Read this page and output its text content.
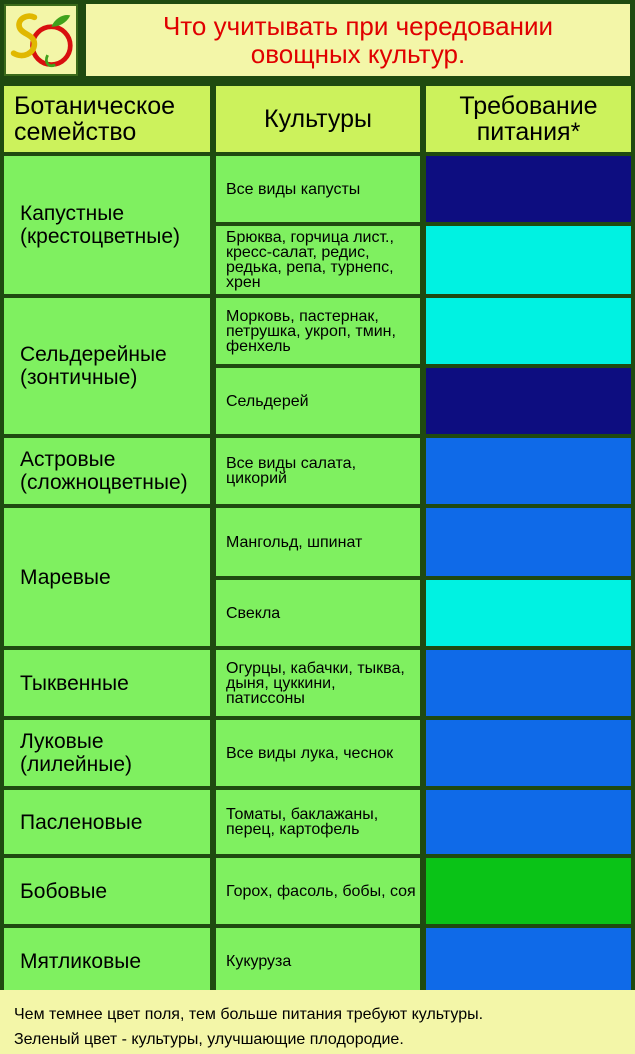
Что учитывать при чередовании
овощных культур.
Ботаническое семейство	Культуры	Требование питания*
Все виды капусты
Брюква, горчица лист., кресс-салат, редис, редька, репа, турнепс, хрен
Капустные (крестоцветные)
Морковь, пастернак, петрушка, укроп, тмин, фенхель
Сельдерей
Сельдерейные (зонтичные)
Все виды салата, цикорий
Астровые (сложноцветные)
Мангольд, шпинат
Свекла
Маревые
Огурцы, кабачки, тыква, дыня, цуккини, патиссоны
Тыквенные
Все виды лука, чеснок
Луковые (лилейные)
Томаты, баклажаны, перец, картофель
Пасленовые
Горох, фасоль, бобы, соя
Бобовые
Кукуруза
Мятликовые
Чем темнее цвет поля, тем больше питания требуют культуры.
Зеленый цвет - культуры, улучшающие плодородие.
